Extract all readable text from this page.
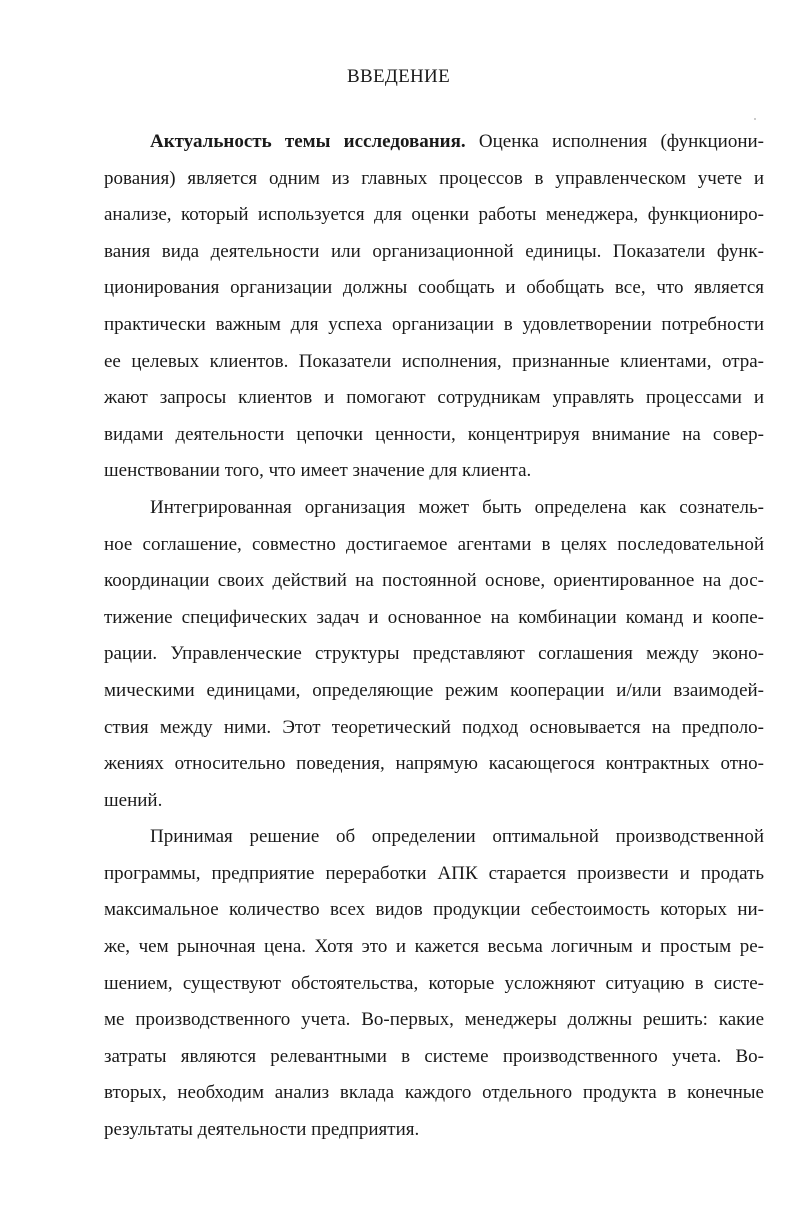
ВВЕДЕНИЕ
Актуальность темы исследования. Оценка исполнения (функциони-
рования) является одним из главных процессов в управленческом учете и
анализе, который используется для оценки работы менеджера, функциониро-
вания вида деятельности или организационной единицы. Показатели функ-
ционирования организации должны сообщать и обобщать все, что является
практически важным для успеха организации в удовлетворении потребности
ее целевых клиентов. Показатели исполнения, признанные клиентами, отра-
жают запросы клиентов и помогают сотрудникам управлять процессами и
видами деятельности цепочки ценности, концентрируя внимание на совер-
шенствовании того, что имеет значение для клиента.
Интегрированная организация может быть определена как сознатель-
ное соглашение, совместно достигаемое агентами в целях последовательной
координации своих действий на постоянной основе, ориентированное на дос-
тижение специфических задач и основанное на комбинации команд и коопе-
рации. Управленческие структуры представляют соглашения между эконо-
мическими единицами, определяющие режим кооперации и/или взаимодей-
ствия между ними. Этот теоретический подход основывается на предполо-
жениях относительно поведения, напрямую касающегося контрактных отно-
шений.
Принимая решение об определении оптимальной производственной
программы, предприятие переработки АПК старается произвести и продать
максимальное количество всех видов продукции себестоимость которых ни-
же, чем рыночная цена. Хотя это и кажется весьма логичным и простым ре-
шением, существуют обстоятельства, которые усложняют ситуацию в систе-
ме производственного учета. Во-первых, менеджеры должны решить: какие
затраты являются релевантными в системе производственного учета. Во-
вторых, необходим анализ вклада каждого отдельного продукта в конечные
результаты деятельности предприятия.
